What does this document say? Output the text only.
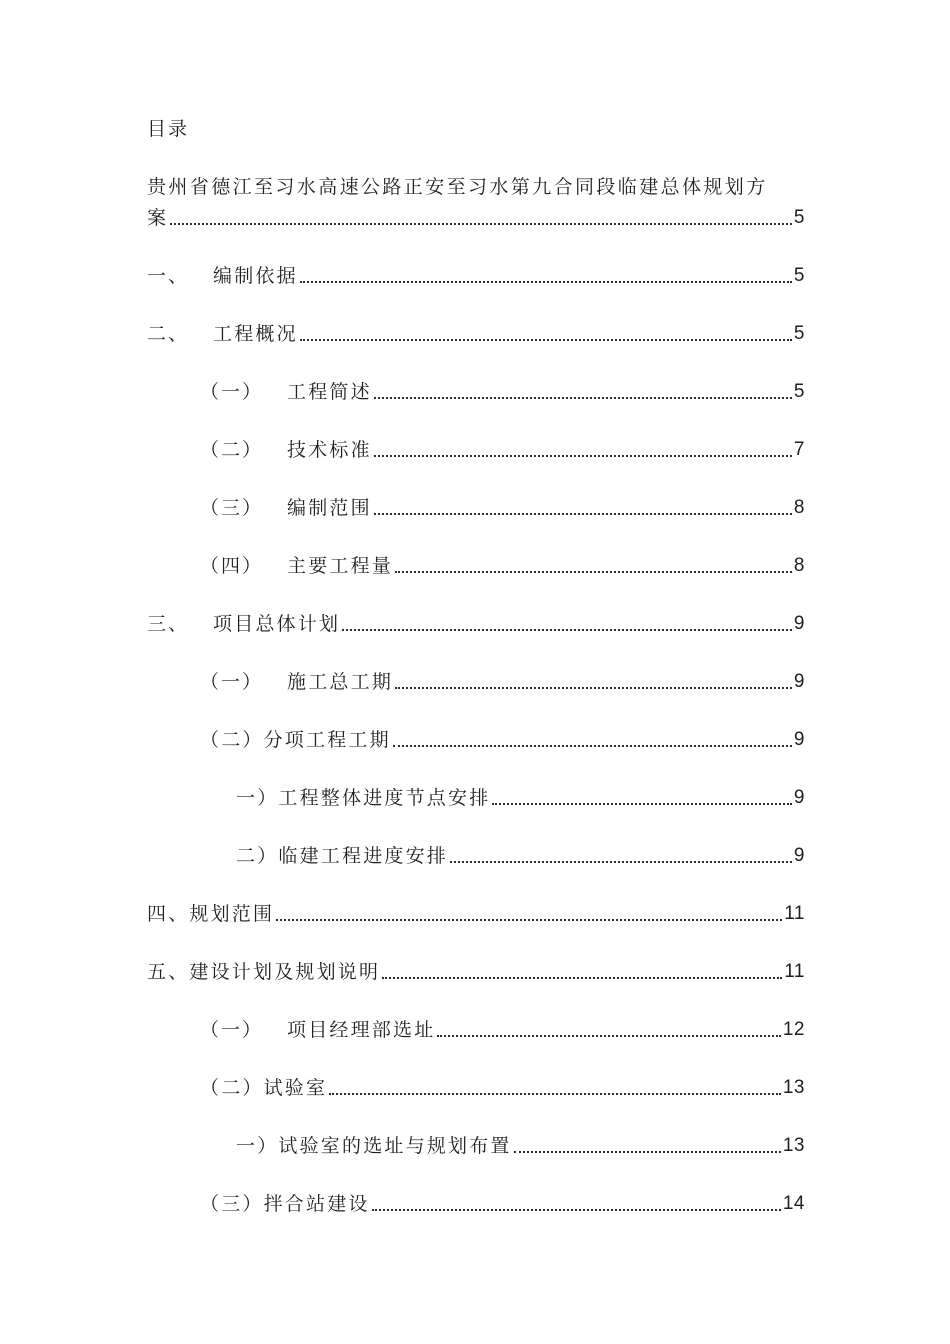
目录
贵州省德江至习水高速公路正安至习水第九合同段临建总体规划方
案	5
一、 编制依据	5
二、 工程概况	5
（一） 工程简述	5
（二） 技术标准	7
（三） 编制范围	8
（四） 主要工程量	8
三、 项目总体计划	9
（一） 施工总工期	9
（二）分项工程工期	9
一）工程整体进度节点安排	9
二）临建工程进度安排	9
四、规划范围	11
五、建设计划及规划说明	11
（一） 项目经理部选址	12
（二）试验室	13
一）试验室的选址与规划布置	13
（三）拌合站建设	14
